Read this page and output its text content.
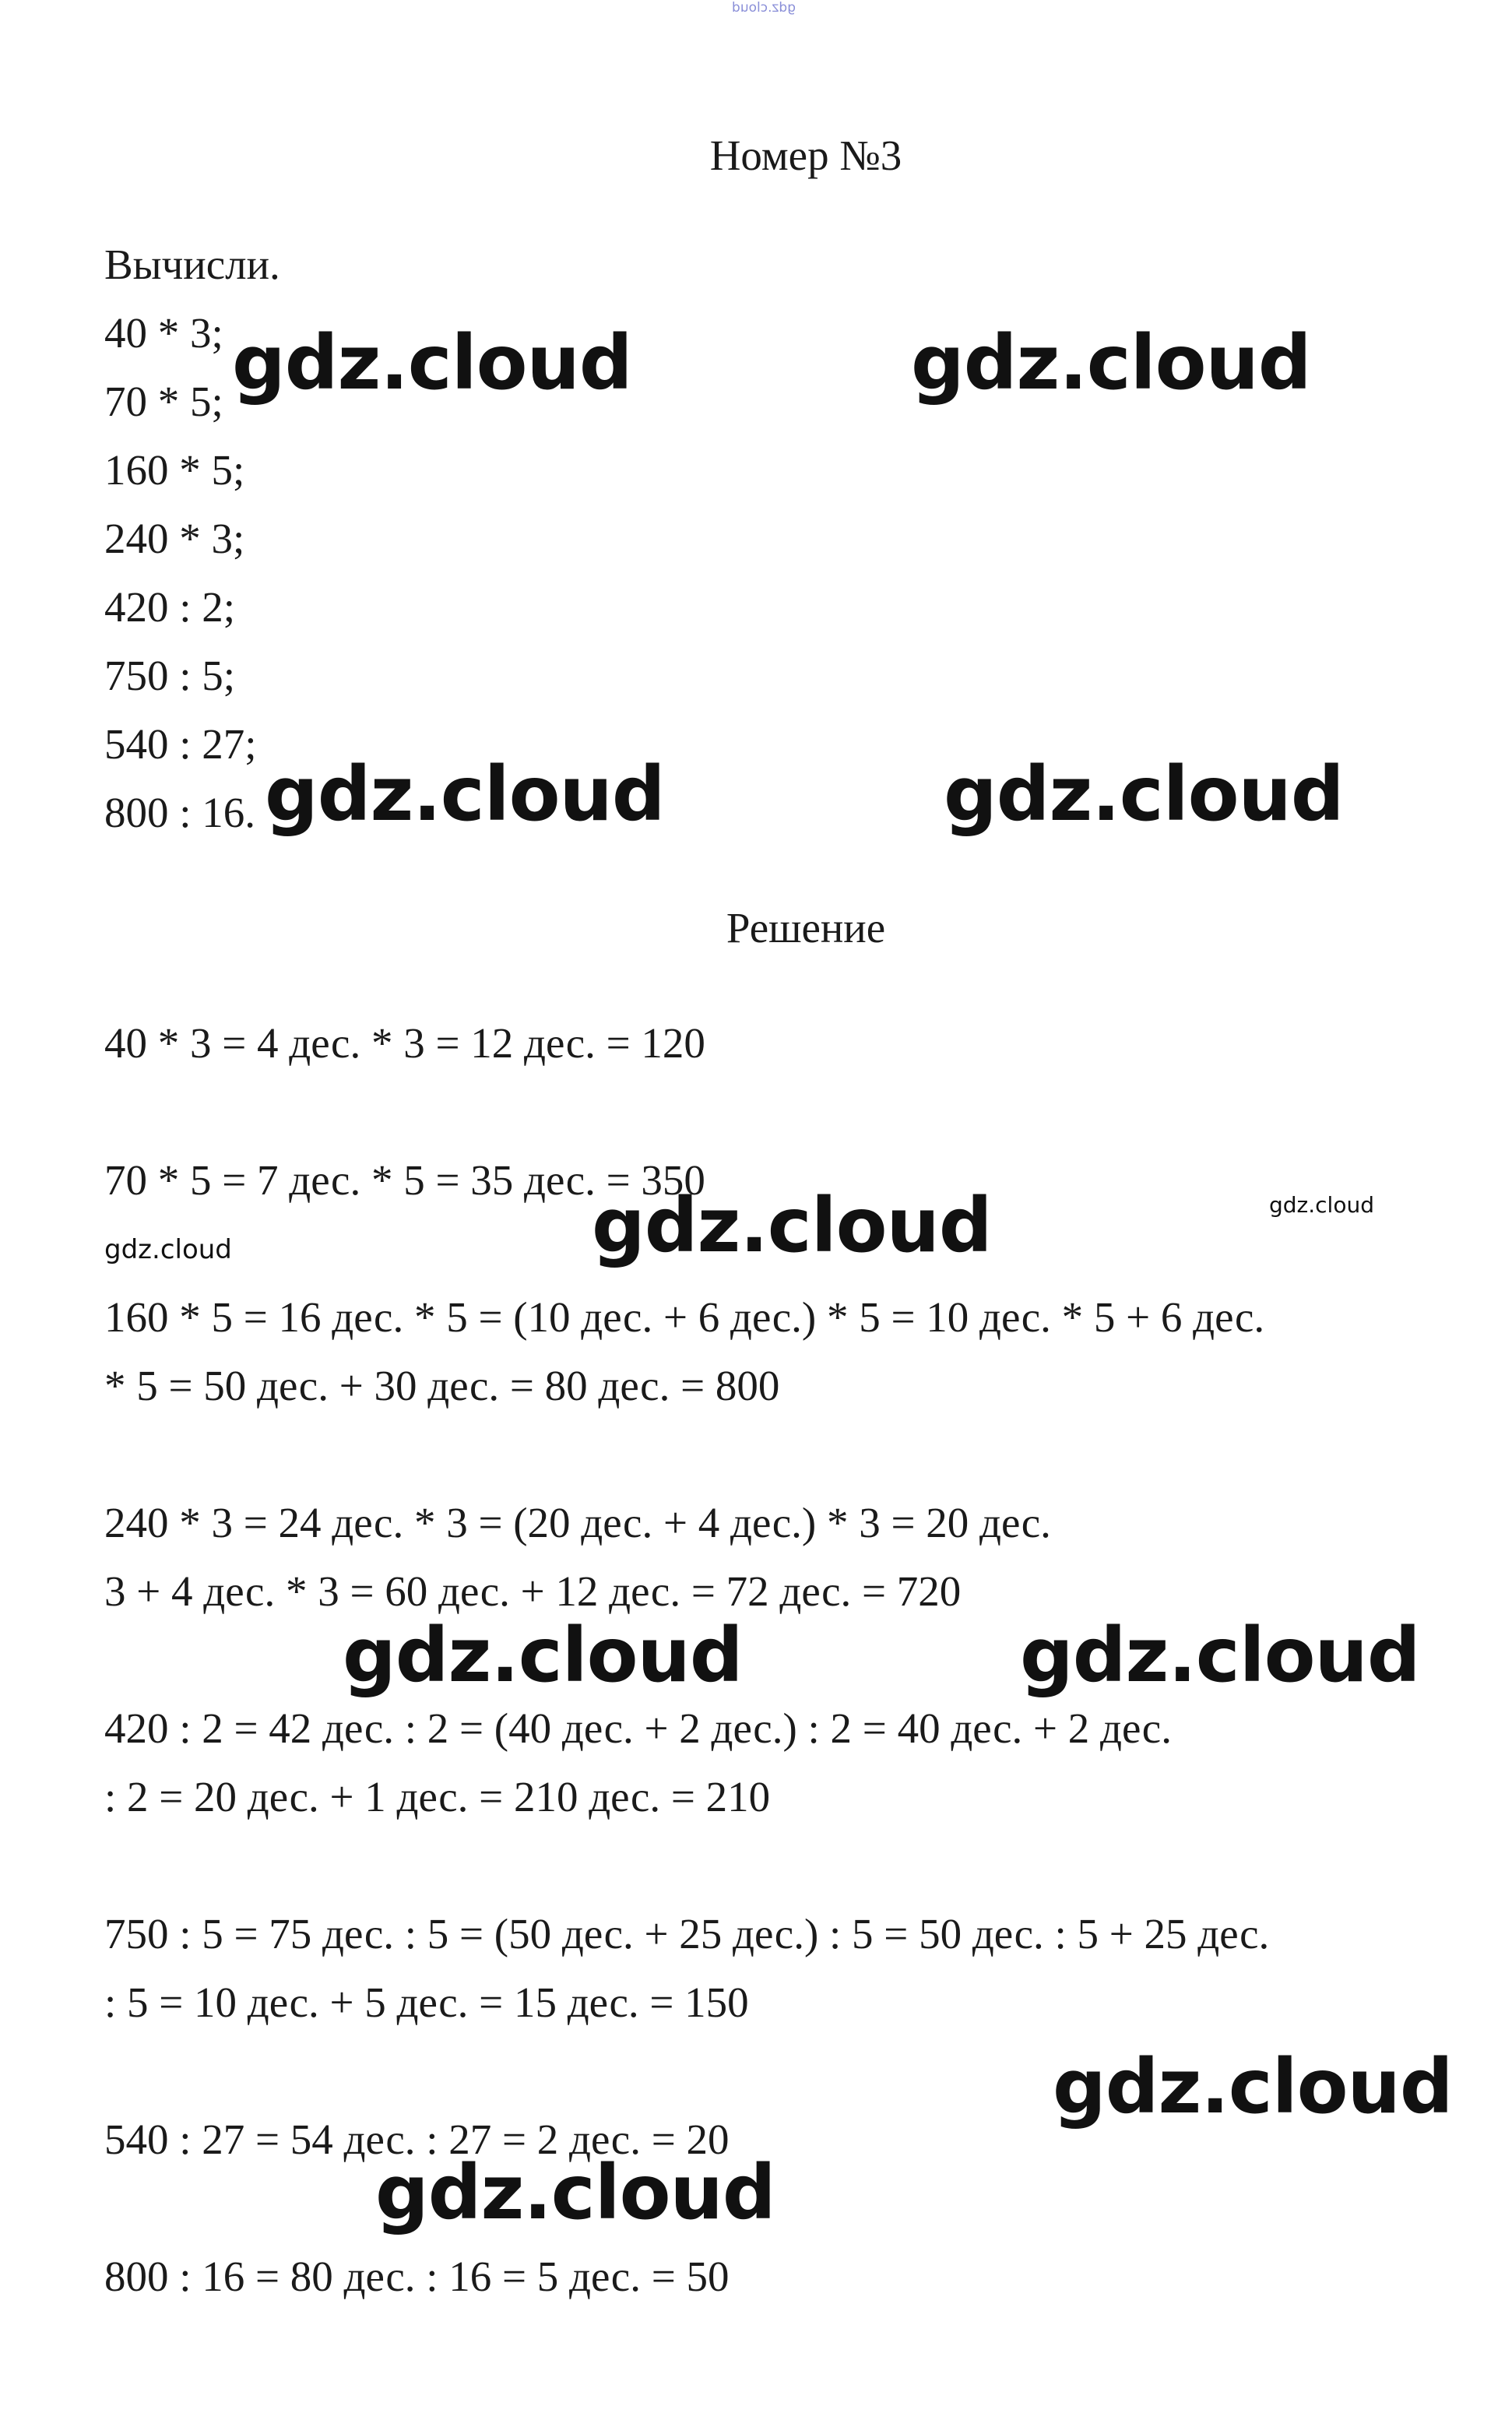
gdz.cloud
Номер №3
Вычисли.
40 * 3;
70 * 5;
160 * 5;
240 * 3;
420 : 2;
750 : 5;
540 : 27;
800 : 16.
Решение
40 * 3 = 4 дес. * 3 = 12 дес. = 120
70 * 5 = 7 дес. * 5 = 35 дес. = 350
160 * 5 = 16 дес. * 5 = (10 дес. + 6 дес.) * 5 = 10 дес. * 5 + 6 дес.
* 5 = 50 дес. + 30 дес. = 80 дес. = 800
240 * 3 = 24 дес. * 3 = (20 дес. + 4 дес.) * 3 = 20 дес.
3 + 4 дес. * 3 = 60 дес. + 12 дес. = 72 дес. = 720
420 : 2 = 42 дес. : 2 = (40 дес. + 2 дес.) : 2 = 40 дес. + 2 дес.
: 2 = 20 дес. + 1 дес. = 210 дес. = 210
750 : 5 = 75 дес. : 5 = (50 дес. + 25 дес.) : 5 = 50 дес. : 5 + 25 дес.
: 5 = 10 дес. + 5 дес. = 15 дес. = 150
540 : 27 = 54 дес. : 27 = 2 дес. = 20
800 : 16 = 80 дес. : 16 = 5 дес. = 50
gdz.cloud	gdz.cloud
gdz.cloud	gdz.cloud
gdz.cloud	gdz.cloud	gdz.cloud
gdz.cloud	gdz.cloud
gdz.cloud
gdz.cloud
